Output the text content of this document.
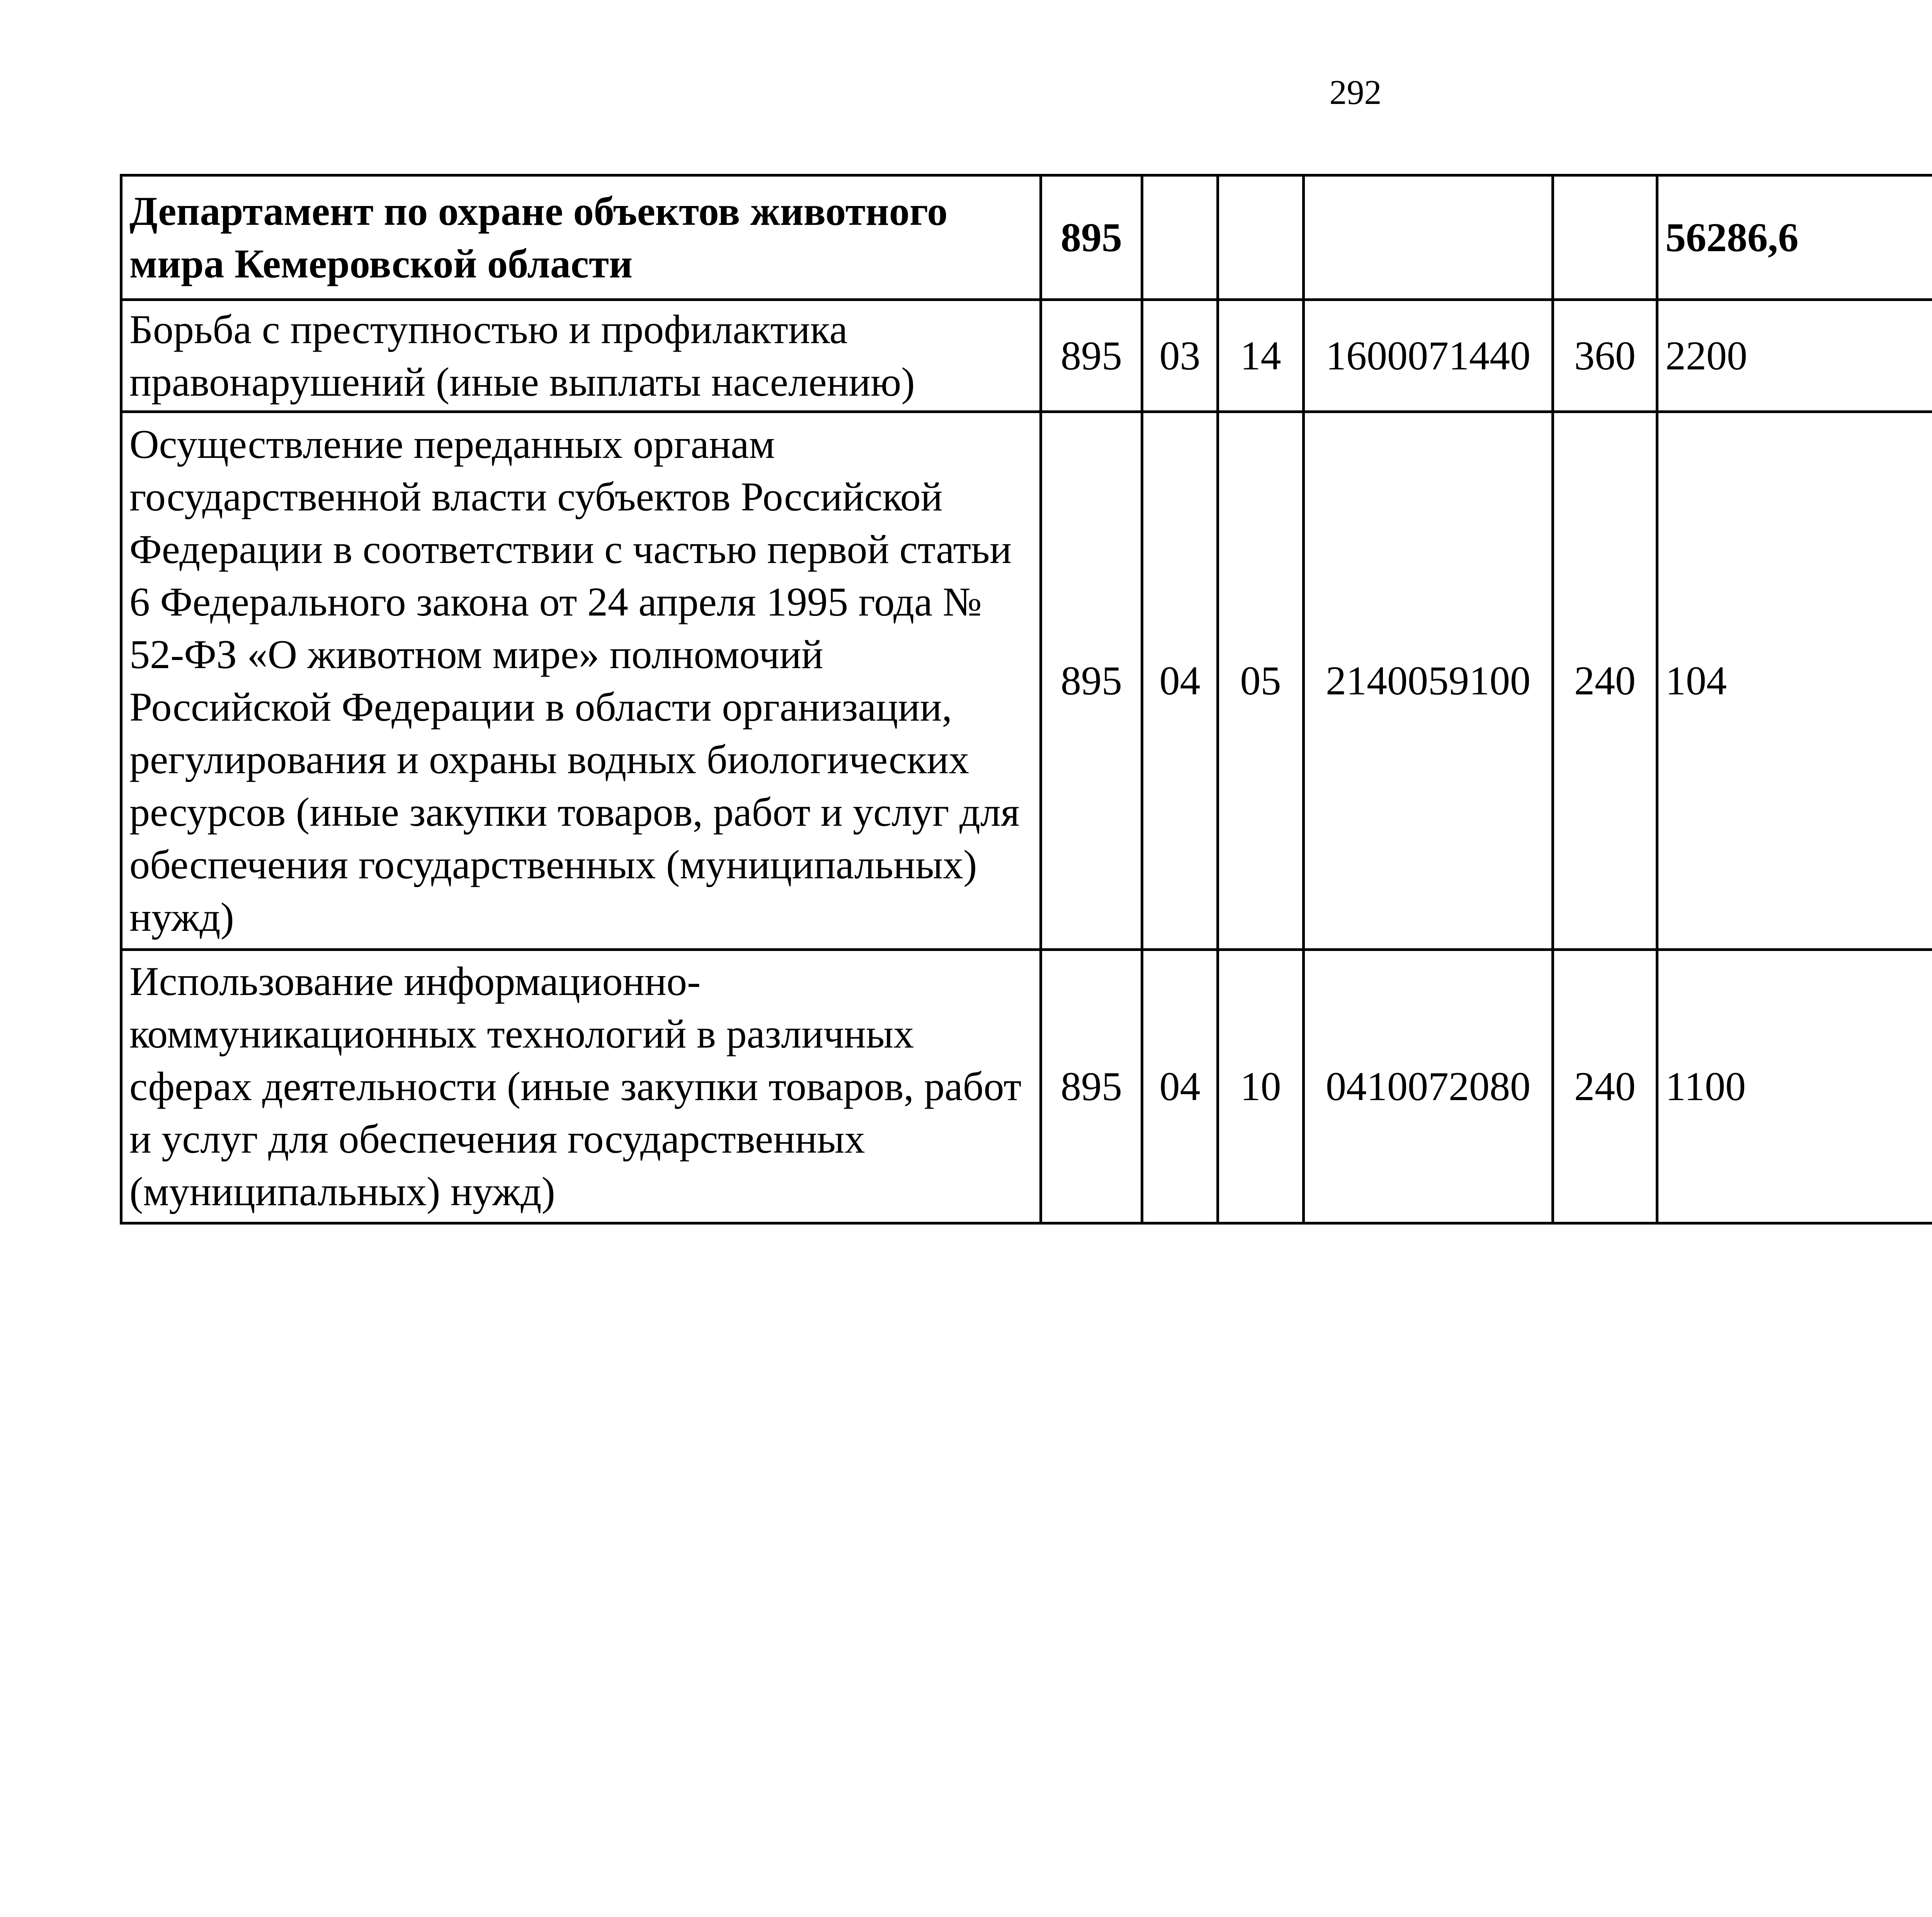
292
Департамент по охране объектов животного мира Кемеровской области	895					56286,6		
Борьба с преступностью и профилактика правонарушений (иные выплаты населению)	895	03	14	1600071440	360	2200		
Осуществление переданных органам государственной власти субъектов Российской Федерации в соответствии с частью первой статьи 6 Федерального закона от 24 апреля 1995 года № 52-ФЗ «О животном мире» полномочий Российской Федерации в области организации, регулирования и охраны водных биологических ресурсов (иные закупки товаров, работ и услуг для обеспечения государственных (муниципальных) нужд)	895	04	05	2140059100	240	104		
Использование информационно-коммуникационных технологий в различных сферах деятельности (иные закупки товаров, работ и услуг для обеспечения государственных (муниципальных) нужд)	895	04	10	0410072080	240	1100		
